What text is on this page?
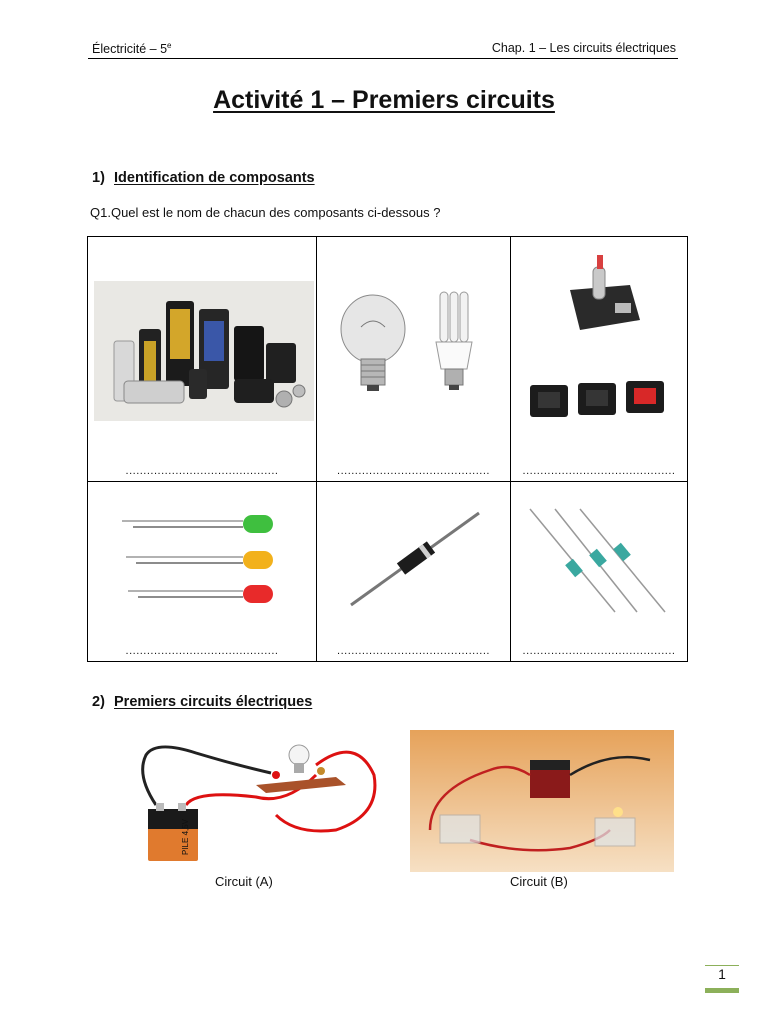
Électricité – 5e	Chap. 1 – Les circuits électriques
Activité 1 – Premiers circuits
1) Identification de composants
Q1.Quel est le nom de chacun des composants ci-dessous ?
...........................................	...........................................	...........................................

...........................................	...........................................	...........................................
2) Premiers circuits électriques
PILE 4,5V
Circuit (A)	Circuit (B)
1
